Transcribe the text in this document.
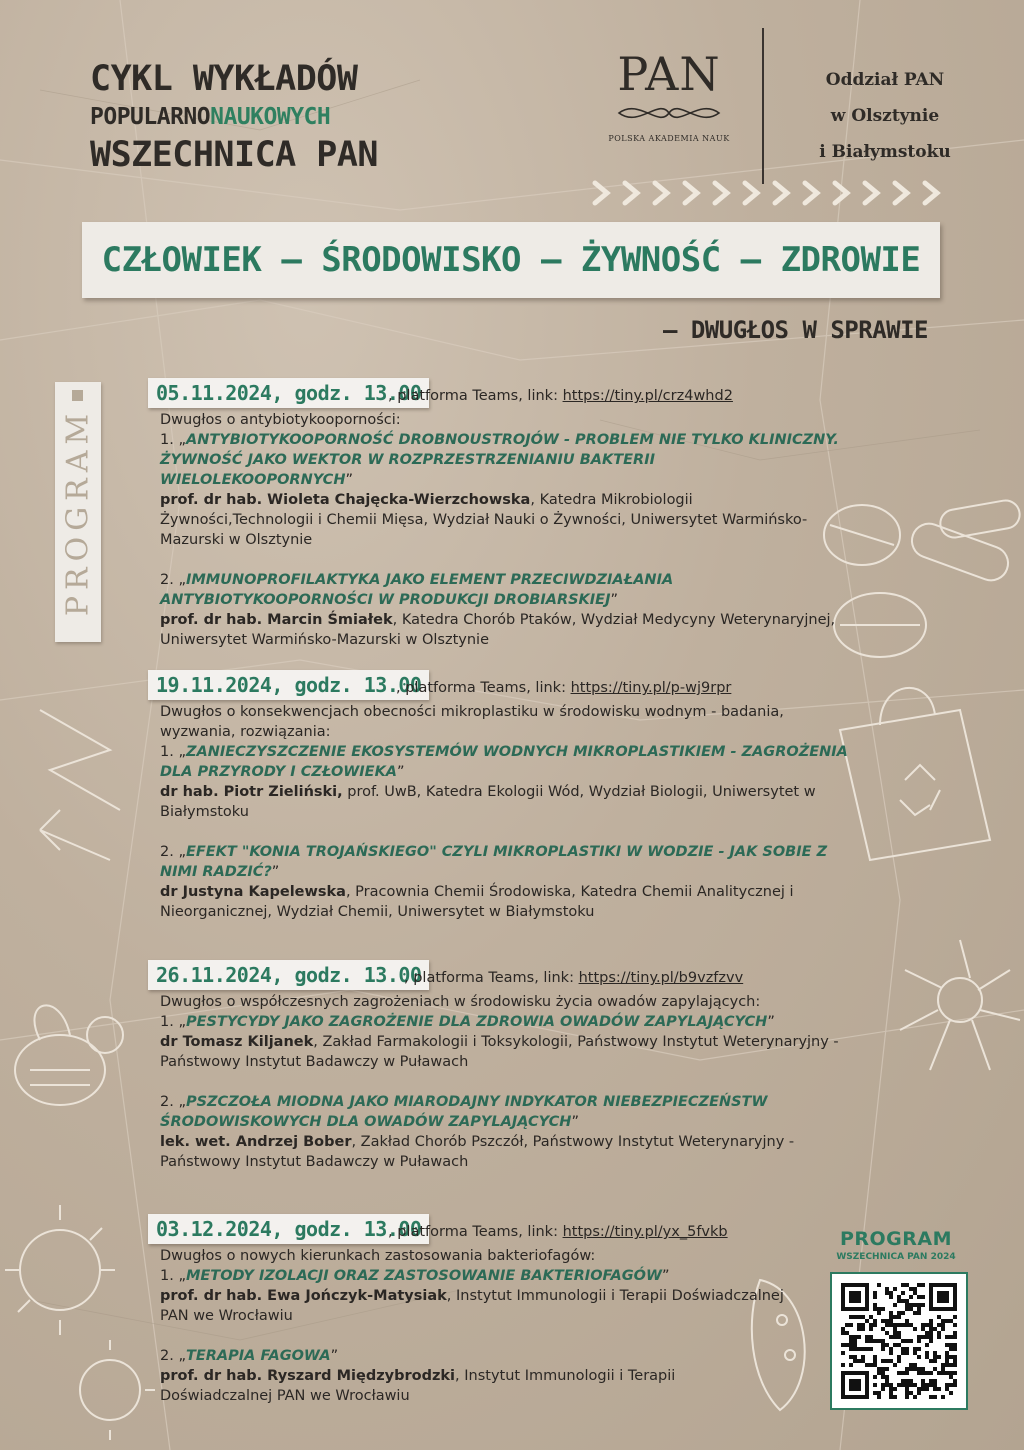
CYKL WYKŁADÓW
POPULARNONAUKOWYCH
WSZECHNICA PAN
PAN
POLSKA AKADEMIA NAUK
Oddział PAN
w Olsztynie
i Białymstoku
CZŁOWIEK – ŚRODOWISKO – ŻYWNOŚĆ – ZDROWIE
– DWUGŁOS W SPRAWIE
PROGRAM
05.11.2024, godz. 13.00
, platforma Teams, link: https://tiny.pl/crz4whd2
Dwugłos o antybiotykooporności:
1. „ANTYBIOTYKOOPORNOŚĆ DROBNOUSTROJÓW - PROBLEM NIE TYLKO KLINICZNY. ŻYWNOŚĆ JAKO WEKTOR W ROZPRZESTRZENIANIU BAKTERII WIELOLEKOOPORNYCH”
prof. dr hab. Wioleta Chajęcka-Wierzchowska, Katedra Mikrobiologii Żywności,Technologii i Chemii Mięsa, Wydział Nauki o Żywności, Uniwersytet Warmińsko-Mazurski w Olsztynie
2. „IMMUNOPROFILAKTYKA JAKO ELEMENT PRZECIWDZIAŁANIA ANTYBIOTYKOOPORNOŚCI W PRODUKCJI DROBIARSKIEJ”
prof. dr hab. Marcin Śmiałek, Katedra Chorób Ptaków, Wydział Medycyny Weterynaryjnej, Uniwersytet Warmińsko-Mazurski w Olsztynie
19.11.2024, godz. 13.00
, platforma Teams, link: https://tiny.pl/p-wj9rpr
Dwugłos o konsekwencjach obecności mikroplastiku w środowisku wodnym - badania, wyzwania, rozwiązania:
1. „ZANIECZYSZCZENIE EKOSYSTEMÓW WODNYCH MIKROPLASTIKIEM - ZAGROŻENIA DLA PRZYRODY I CZŁOWIEKA”
dr hab. Piotr Zieliński, prof. UwB, Katedra Ekologii Wód, Wydział Biologii, Uniwersytet w Białymstoku
2. „EFEKT "KONIA TROJAŃSKIEGO" CZYLI MIKROPLASTIKI W WODZIE - JAK SOBIE Z NIMI RADZIĆ?”
dr Justyna Kapelewska, Pracownia Chemii Środowiska, Katedra Chemii Analitycznej i Nieorganicznej, Wydział Chemii, Uniwersytet w Białymstoku
26.11.2024, godz. 13.00
, platforma Teams, link: https://tiny.pl/b9vzfzvv
Dwugłos o współczesnych zagrożeniach w środowisku życia owadów zapylających:
1. „PESTYCYDY JAKO ZAGROŻENIE DLA ZDROWIA OWADÓW ZAPYLAJĄCYCH”
dr Tomasz Kiljanek, Zakład Farmakologii i Toksykologii, Państwowy Instytut Weterynaryjny - Państwowy Instytut Badawczy w Puławach
2. „PSZCZOŁA MIODNA JAKO MIARODAJNY INDYKATOR NIEBEZPIECZEŃSTW ŚRODOWISKOWYCH DLA OWADÓW ZAPYLAJĄCYCH”
lek. wet. Andrzej Bober, Zakład Chorób Pszczół, Państwowy Instytut Weterynaryjny - Państwowy Instytut Badawczy w Puławach
03.12.2024, godz. 13.00
, platforma Teams, link: https://tiny.pl/yx_5fvkb
Dwugłos o nowych kierunkach zastosowania bakteriofagów:
1. „METODY IZOLACJI ORAZ ZASTOSOWANIE BAKTERIOFAGÓW”
prof. dr hab. Ewa Jończyk-Matysiak, Instytut Immunologii i Terapii Doświadczalnej PAN we Wrocławiu
2. „TERAPIA FAGOWA”
prof. dr hab. Ryszard Międzybrodzki, Instytut Immunologii i Terapii Doświadczalnej PAN we Wrocławiu
PROGRAM
WSZECHNICA PAN 2024
